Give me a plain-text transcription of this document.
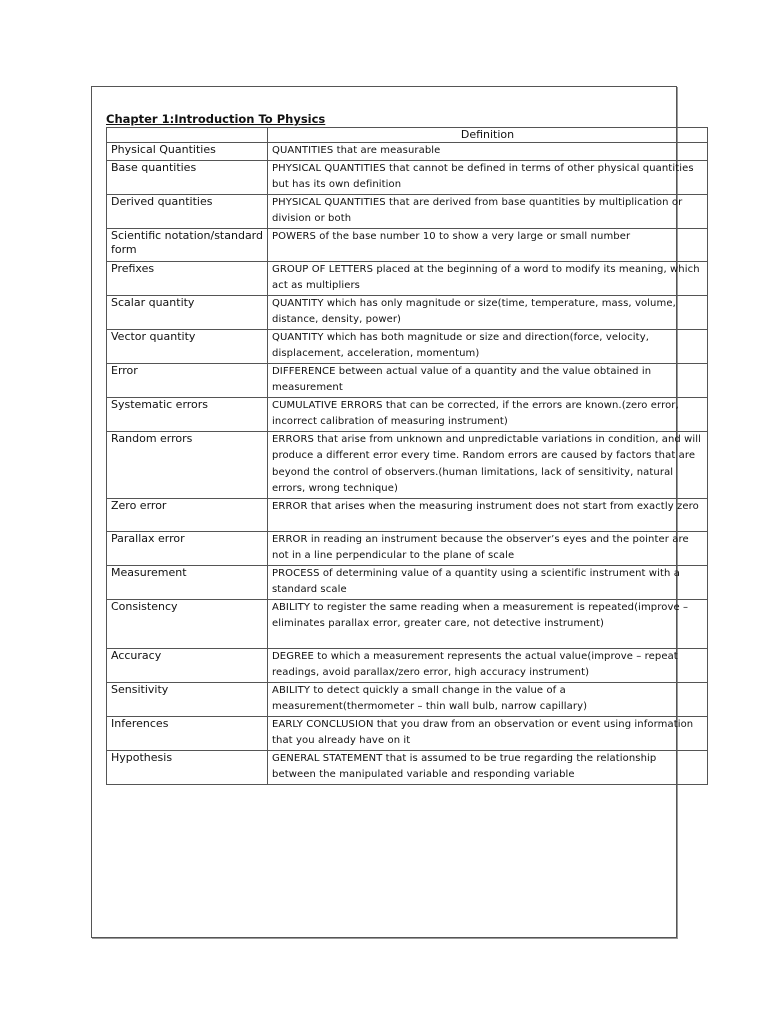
Chapter 1:Introduction To Physics
	Definition
Physical Quantities	QUANTITIES that are measurable
Base quantities	PHYSICAL QUANTITIES that cannot be defined in terms of other physical quantities but has its own definition
Derived quantities	PHYSICAL QUANTITIES that are derived from base quantities by multiplication or division or both
Scientific notation/standard form	POWERS of the base number 10 to show a very large or small number
Prefixes	GROUP OF LETTERS placed at the beginning of a word to modify its meaning, which act as multipliers
Scalar quantity	QUANTITY which has only magnitude or size(time, temperature, mass, volume, distance, density, power)
Vector quantity	QUANTITY which has both magnitude or size and direction(force, velocity, displacement, acceleration, momentum)
Error	DIFFERENCE between actual value of a quantity and the value obtained in measurement
Systematic errors	CUMULATIVE ERRORS that can be corrected, if the errors are known.(zero error, incorrect calibration of measuring instrument)
Random errors	ERRORS that arise from unknown and unpredictable variations in condition, and will produce a different error every time. Random errors are caused by factors that are beyond the control of observers.(human limitations, lack of sensitivity, natural errors, wrong technique)
Zero error	ERROR that arises when the measuring instrument does not start from exactly zero
Parallax error	ERROR in reading an instrument because the observer’s eyes and the pointer are not in a line perpendicular to the plane of scale
Measurement	PROCESS of determining value of a quantity using a scientific instrument with a standard scale
Consistency	ABILITY to register the same reading when a measurement is repeated(improve – eliminates parallax error, greater care, not detective instrument)
Accuracy	DEGREE to which a measurement represents the actual value(improve – repeat readings, avoid parallax/zero error, high accuracy instrument)
Sensitivity	ABILITY to detect quickly a small change in the value of a measurement(thermometer – thin wall bulb, narrow capillary)
Inferences	EARLY CONCLUSION that you draw from an observation or event using information that you already have on it
Hypothesis	GENERAL STATEMENT that is assumed to be true regarding the relationship between the manipulated variable and responding variable
